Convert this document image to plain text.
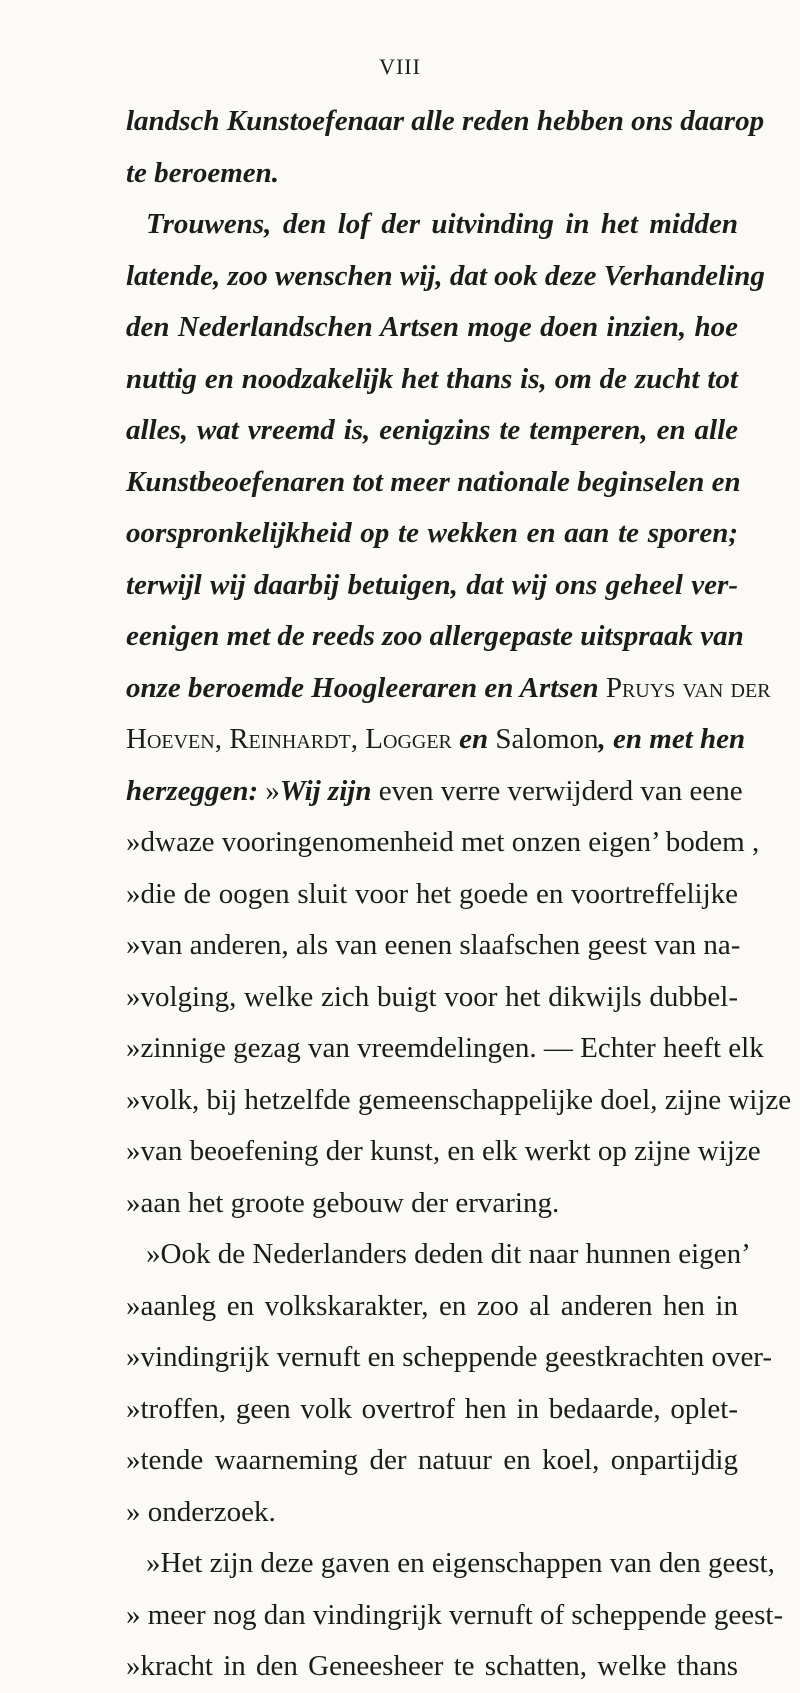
VIII
landsch Kunstoefenaar alle reden hebben ons daarop
te beroemen.
Trouwens, den lof der uitvinding in het midden
latende, zoo wenschen wij, dat ook deze Verhandeling
den Nederlandschen Artsen moge doen inzien, hoe
nuttig en noodzakelijk het thans is, om de zucht tot
alles, wat vreemd is, eenigzins te temperen, en alle
Kunstbeoefenaren tot meer nationale beginselen en
oorspronkelijkheid op te wekken en aan te sporen;
terwijl wij daarbij betuigen, dat wij ons geheel ver-
eenigen met de reeds zoo allergepaste uitspraak van
onze beroemde Hoogleeraren en Artsen Pruys van der
Hoeven, Reinhardt, Logger en Salomon, en met hen
herzeggen: »Wij zijn even verre verwijderd van eene
»dwaze vooringenomenheid met onzen eigen’ bodem ,
»die de oogen sluit voor het goede en voortreffelijke
»van anderen, als van eenen slaafschen geest van na-
»volging, welke zich buigt voor het dikwijls dubbel-
»zinnige gezag van vreemdelingen. — Echter heeft elk
»volk, bij hetzelfde gemeenschappelijke doel, zijne wijze
»van beoefening der kunst, en elk werkt op zijne wijze
»aan het groote gebouw der ervaring.
»Ook de Nederlanders deden dit naar hunnen eigen’
»aanleg en volkskarakter, en zoo al anderen hen in
»vindingrijk vernuft en scheppende geestkrachten over-
»troffen, geen volk overtrof hen in bedaarde, oplet-
»tende waarneming der natuur en koel, onpartijdig
» onderzoek.
»Het zijn deze gaven en eigenschappen van den geest,
» meer nog dan vindingrijk vernuft of scheppende geest-
»kracht in den Geneesheer te schatten, welke thans
